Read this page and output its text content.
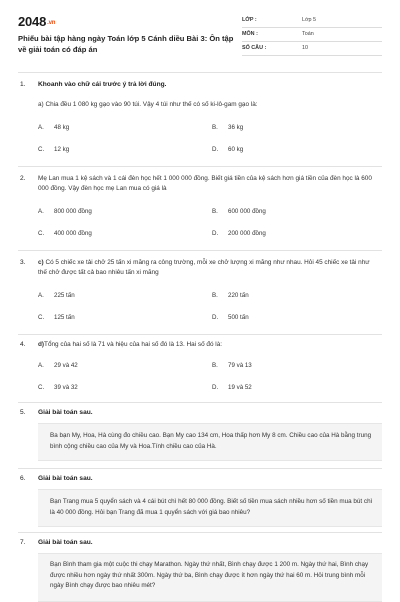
2048.vn
Phiếu bài tập hàng ngày Toán lớp 5 Cánh diều Bài 3: Ôn tập về giải toán có đáp án
LỚP :	Lớp 5
MÔN :	Toán
SỐ CÂU :	10
1. Khoanh vào chữ cái trước ý trả lời đúng.
a) Chia đều 1 080 kg gạo vào 90 túi. Vậy 4 túi như thế có số ki-lô-gam gạo là:
A. 48 kg	B. 36 kg
C. 12 kg	D. 60 kg
2. Mẹ Lan mua 1 kệ sách và 1 cái đèn học hết 1 000 000 đồng. Biết giá tiền của kệ sách hơn giá tiền của đèn học là 600 000 đồng. Vậy đèn học mẹ Lan mua có giá là
A. 800 000 đồng	B. 600 000 đồng
C. 400 000 đồng	D. 200 000 đồng
3. c) Có 5 chiếc xe tải chở 25 tấn xi măng ra công trường, mỗi xe chở lượng xi măng như nhau. Hỏi 45 chiếc xe tải như thế chở được tất cả bao nhiêu tấn xi măng
A. 225 tấn	B. 220 tấn
C. 125 tấn	D. 500 tấn
4. d)Tổng của hai số là 71 và hiệu của hai số đó là 13. Hai số đó là:
A. 29 và 42	B. 79 và 13
C. 39 và 32	D. 19 và 52
5. Giải bài toán sau.
Ba bạn My, Hoa, Hà cùng đo chiều cao. Bạn My cao 134 cm, Hoa thấp hơn My 8 cm. Chiều cao của Hà bằng trung bình cộng chiều cao của My và Hoa.Tính chiều cao của Hà.
6. Giải bài toán sau.
Bạn Trang mua 5 quyển sách và 4 cái bút chì hết 80 000 đồng. Biết số tiền mua sách nhiều hơn số tiền mua bút chì là 40 000 đồng. Hỏi bạn Trang đã mua 1 quyển sách với giá bao nhiêu?
7. Giải bài toán sau.
Bạn Bình tham gia một cuộc thi chạy Marathon. Ngày thứ nhất, Bình chạy được 1 200 m. Ngày thứ hai, Bình chạy được nhiều hơn ngày thứ nhất 300m. Ngày thứ ba, Bình chạy được ít hơn ngày thứ hai 60 m. Hỏi trung bình mỗi ngày Bình chạy được bao nhiêu mét?
